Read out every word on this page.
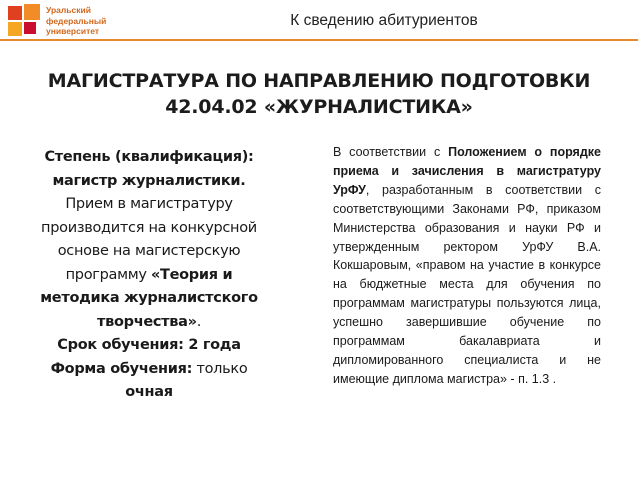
Уральский
федеральный
университет
К сведению абитуриентов
МАГИСТРАТУРА ПО НАПРАВЛЕНИЮ ПОДГОТОВКИ
42.04.02 «ЖУРНАЛИСТИКА»
Степень (квалификация):
магистр журналистики.
Прием в магистратуру производится на конкурсной основе на магистерскую программу «Теория и методика журналистского творчества».
Срок обучения: 2 года
Форма обучения: только
очная
В соответствии с Положением о порядке приема и зачисления в магистратуру УрФУ, разработанным в соответствии с соответствующими Законами РФ, приказом Министерства образования и науки РФ и утвержденным ректором УрФУ В.А. Кокшаровым, «правом на участие в конкурсе на бюджетные места для обучения по программам магистратуры пользуются лица, успешно завершившие обучение по программам бакалавриата и дипломированного специалиста и не имеющие диплома магистра» - п. 1.3 .
